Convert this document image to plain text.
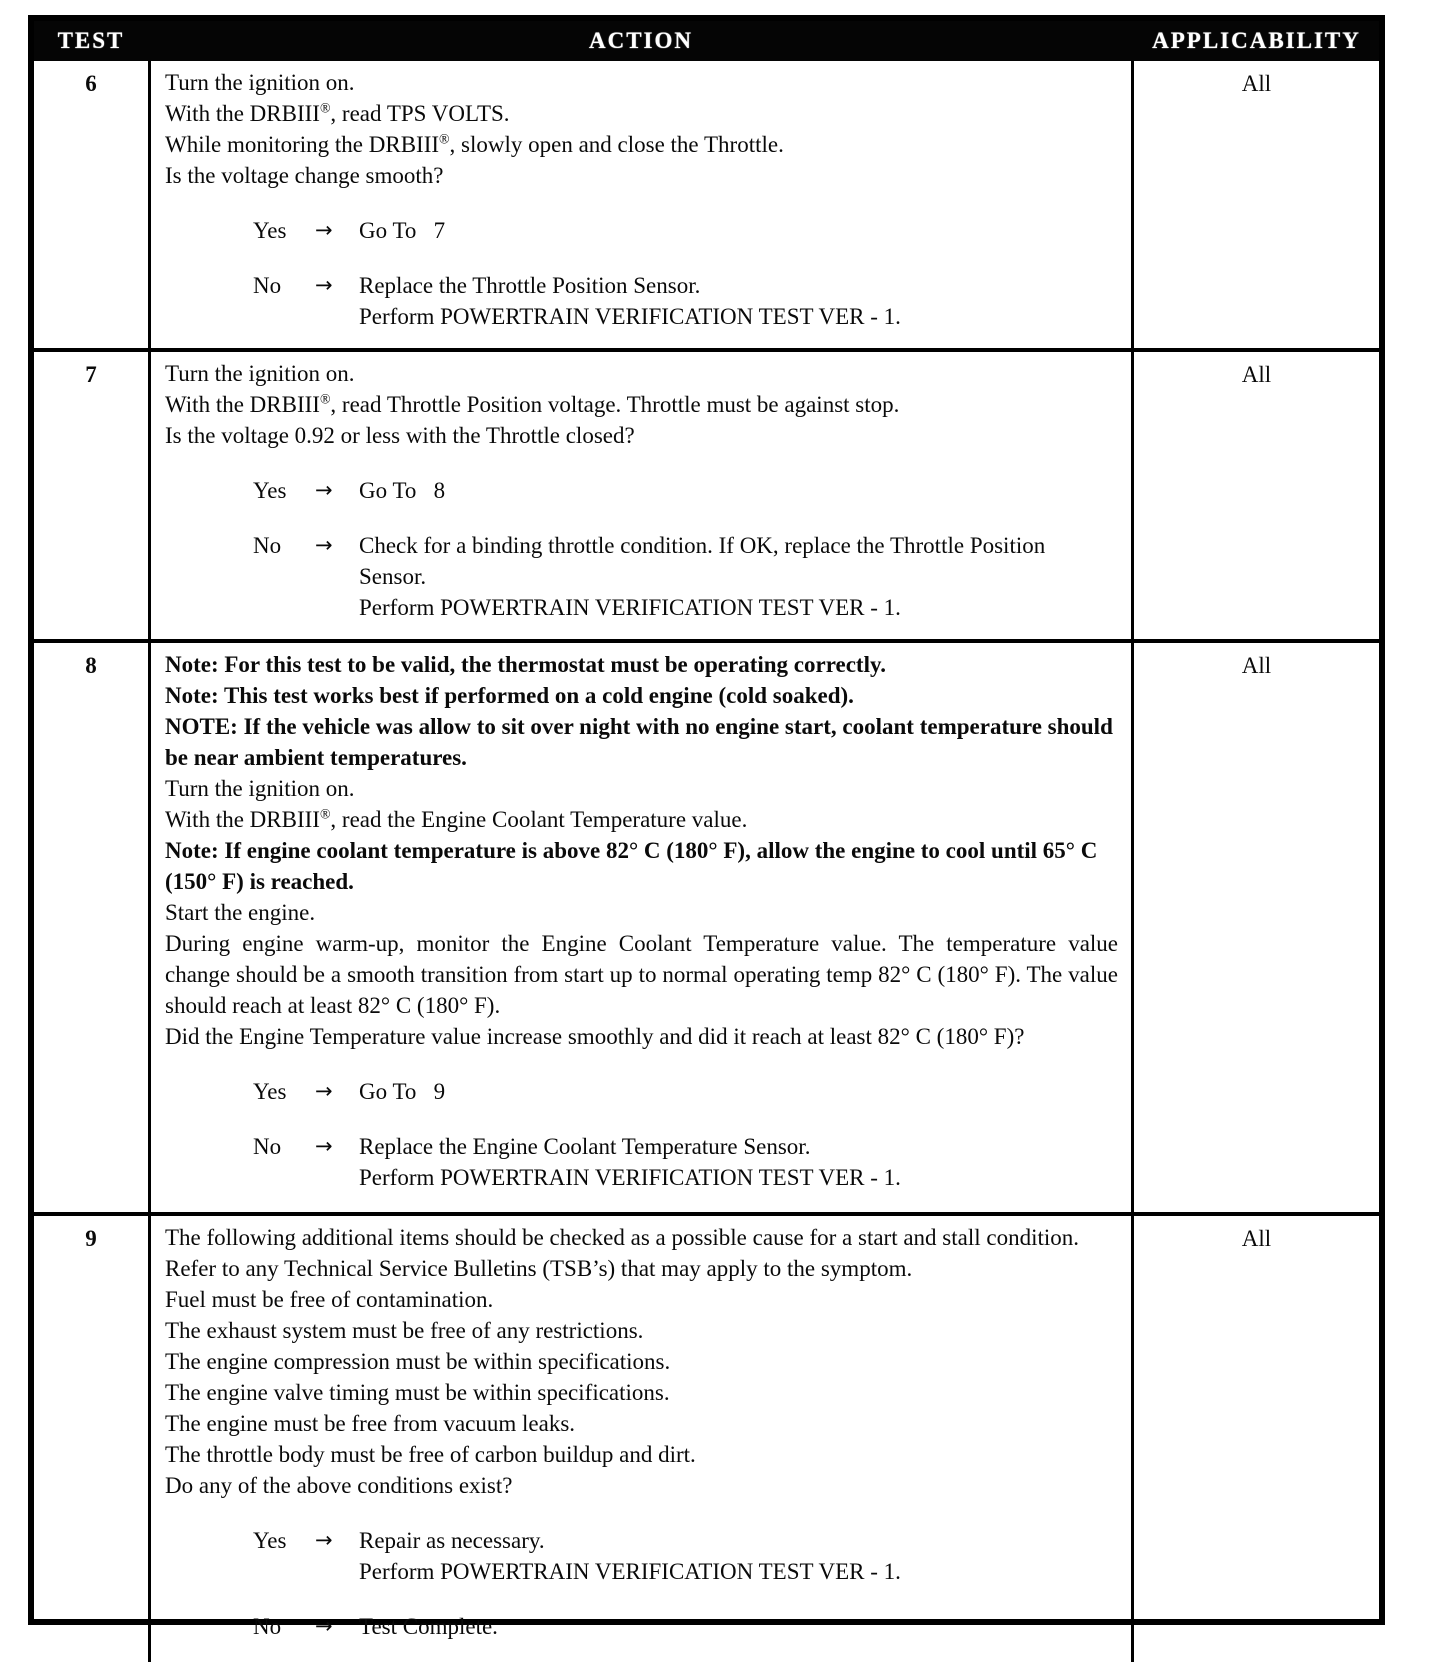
TEST	ACTION	APPLICABILITY
6	Turn the ignition on.

With the DRBIII®, read TPS VOLTS.

While monitoring the DRBIII®, slowly open and close the Throttle.

Is the voltage change smooth?

Yes	→	Go To   7
No	→	Replace the Throttle Position Sensor.
Perform POWERTRAIN VERIFICATION TEST VER - 1.
All
7	Turn the ignition on.

With the DRBIII®, read Throttle Position voltage. Throttle must be against stop.

Is the voltage 0.92 or less with the Throttle closed?

Yes	→	Go To   8
No	→	Check for a binding throttle condition. If OK, replace the Throttle Position Sensor.
Perform POWERTRAIN VERIFICATION TEST VER - 1.
All
8	Note: For this test to be valid, the thermostat must be operating correctly.

Note: This test works best if performed on a cold engine (cold soaked).

NOTE: If the vehicle was allow to sit over night with no engine start, coolant temperature should be near ambient temperatures.

Turn the ignition on.

With the DRBIII®, read the Engine Coolant Temperature value.

Note: If engine coolant temperature is above 82° C (180° F), allow the engine to cool until 65° C (150° F) is reached.

Start the engine.

During engine warm-up, monitor the Engine Coolant Temperature value. The temperature value change should be a smooth transition from start up to normal operating temp 82° C (180° F). The value should reach at least 82° C (180° F).

Did the Engine Temperature value increase smoothly and did it reach at least 82° C (180° F)?

Yes	→	Go To   9
No	→	Replace the Engine Coolant Temperature Sensor.
Perform POWERTRAIN VERIFICATION TEST VER - 1.
All
9	The following additional items should be checked as a possible cause for a start and stall condition.

Refer to any Technical Service Bulletins (TSB’s) that may apply to the symptom.

Fuel must be free of contamination.

The exhaust system must be free of any restrictions.

The engine compression must be within specifications.

The engine valve timing must be within specifications.

The engine must be free from vacuum leaks.

The throttle body must be free of carbon buildup and dirt.

Do any of the above conditions exist?

Yes	→	Repair as necessary.
Perform POWERTRAIN VERIFICATION TEST VER - 1.
No	→	Test Complete.
All
